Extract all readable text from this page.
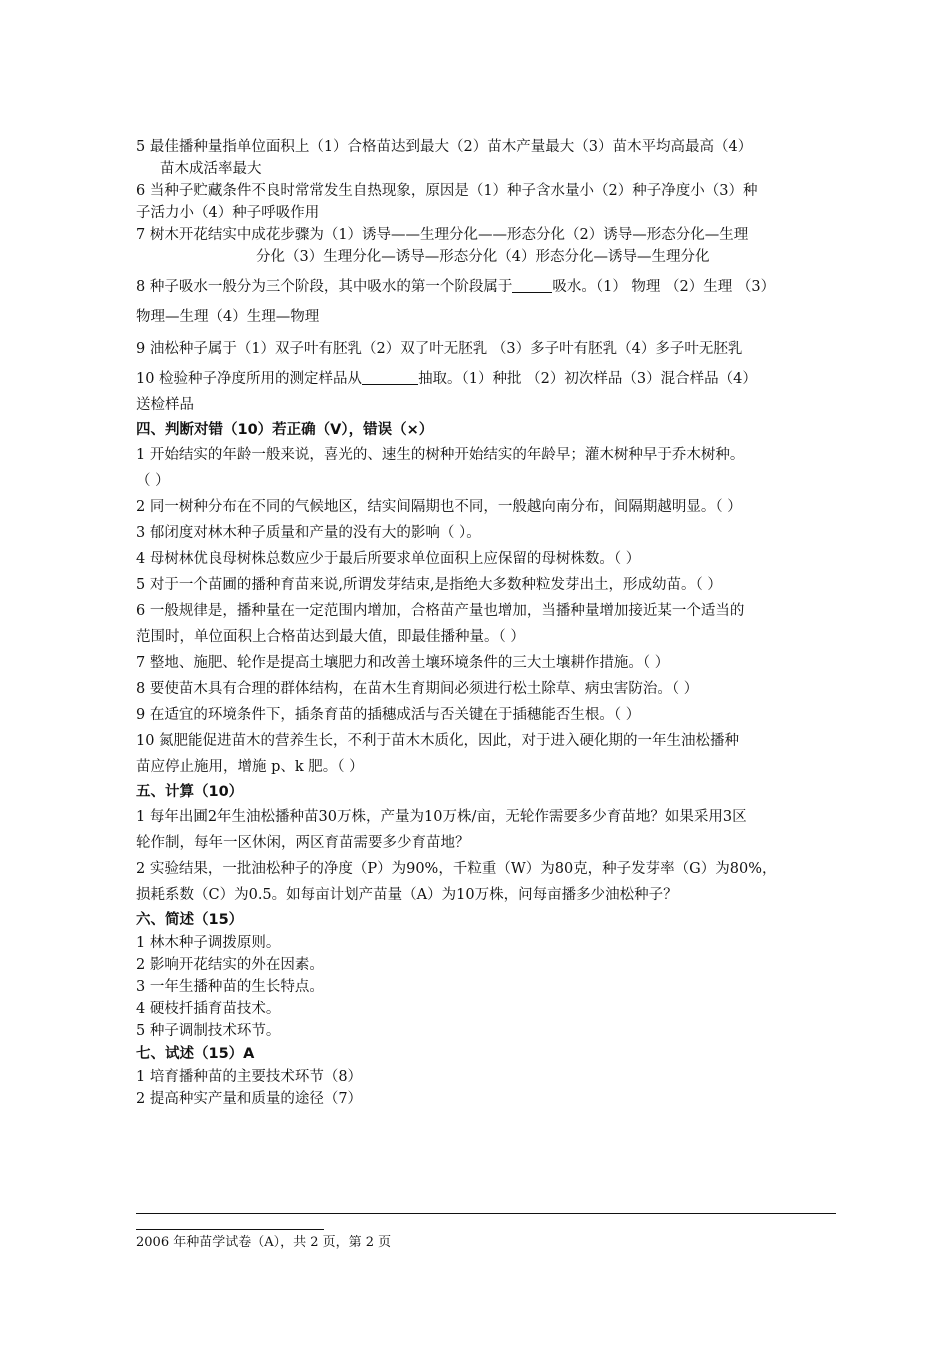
5 最佳播种量指单位面积上（1）合格苗达到最大（2）苗木产量最大（3）苗木平均高最高（4）
苗木成活率最大
6 当种子贮藏条件不良时常常发生自热现象，原因是（1）种子含水量小（2）种子净度小（3）种
子活力小（4）种子呼吸作用
7 树木开花结实中成花步骤为（1）诱导——生理分化——形态分化（2）诱导—形态分化—生理
分化（3）生理分化—诱导—形态分化（4）形态分化—诱导—生理分化
8 种子吸水一般分为三个阶段，其中吸水的第一个阶段属于	吸水。（1） 物理 （2）生理 （3）
物理—生理（4）生理—物理
9 油松种子属于（1）双子叶有胚乳（2）双了叶无胚乳 （3）多子叶有胚乳（4）多子叶无胚乳
10 检验种子净度所用的测定样品从	抽取。（1）种批 （2）初次样品（3）混合样品（4）
送检样品
四、判断对错（10）若正确（V），错误（×）
1 开始结实的年龄一般来说，喜光的、速生的树种开始结实的年龄早；灌木树种早于乔木树种。
（ ）
2 同一树种分布在不同的气候地区，结实间隔期也不同，一般越向南分布，间隔期越明显。（ ）
3 郁闭度对林木种子质量和产量的没有大的影响（ ）。
4 母树林优良母树株总数应少于最后所要求单位面积上应保留的母树株数。（ ）
5 对于一个苗圃的播种育苗来说,所谓发芽结束,是指绝大多数种粒发芽出土，形成幼苗。（ ）
6 一般规律是，播种量在一定范围内增加，合格苗产量也增加，当播种量增加接近某一个适当的
范围时，单位面积上合格苗达到最大值，即最佳播种量。（ ）
7 整地、施肥、轮作是提高土壤肥力和改善土壤环境条件的三大土壤耕作措施。（ ）
8 要使苗木具有合理的群体结构，在苗木生育期间必须进行松土除草、病虫害防治。（ ）
9 在适宜的环境条件下，插条育苗的插穗成活与否关键在于插穗能否生根。（ ）
10 氮肥能促进苗木的营养生长，不利于苗木木质化，因此，对于进入硬化期的一年生油松播种
苗应停止施用，增施 p、k 肥。（ ）
五、计算（10）
1 每年出圃2年生油松播种苗30万株，产量为10万株/亩，无轮作需要多少育苗地？如果采用3区
轮作制，每年一区休闲，两区育苗需要多少育苗地？
2 实验结果，一批油松种子的净度（P）为90%，千粒重（W）为80克，种子发芽率（G）为80%，
损耗系数（C）为0.5。如每亩计划产苗量（A）为10万株，问每亩播多少油松种子？
六、简述（15）
1 林木种子调拨原则。
2 影响开花结实的外在因素。
3 一年生播种苗的生长特点。
4 硬枝扦插育苗技术。
5 种子调制技术环节。
七、试述（15）A
1 培育播种苗的主要技术环节（8）
2 提高种实产量和质量的途径（7）
2006 年种苗学试卷（A），共 2 页，第 2 页
